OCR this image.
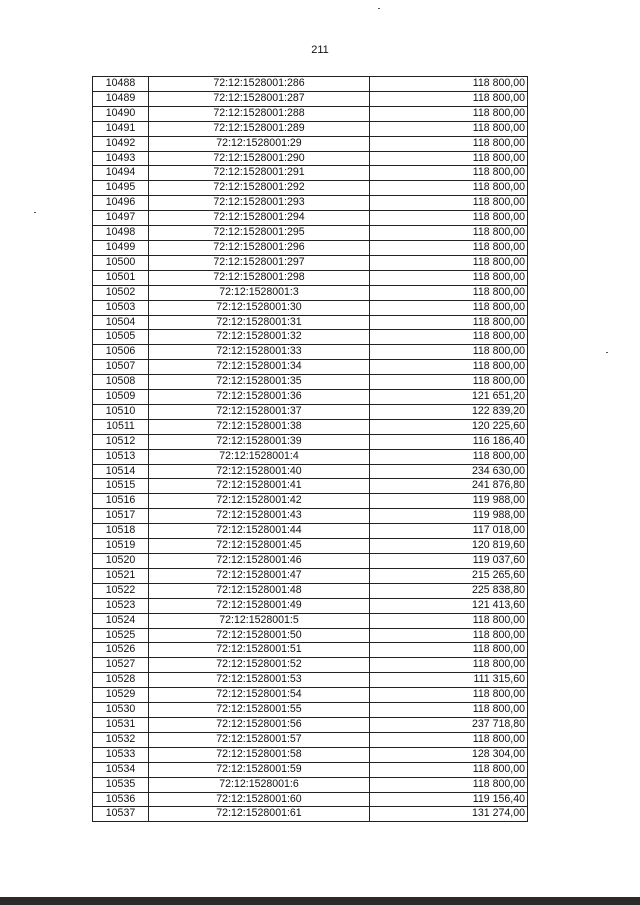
211
10488	72:12:1528001:286	118 800,00
10489	72:12:1528001:287	118 800,00
10490	72:12:1528001:288	118 800,00
10491	72:12:1528001:289	118 800,00
10492	72:12:1528001:29	118 800,00
10493	72:12:1528001:290	118 800,00
10494	72:12:1528001:291	118 800,00
10495	72:12:1528001:292	118 800,00
10496	72:12:1528001:293	118 800,00
10497	72:12:1528001:294	118 800,00
10498	72:12:1528001:295	118 800,00
10499	72:12:1528001:296	118 800,00
10500	72:12:1528001:297	118 800,00
10501	72:12:1528001:298	118 800,00
10502	72:12:1528001:3	118 800,00
10503	72:12:1528001:30	118 800,00
10504	72:12:1528001:31	118 800,00
10505	72:12:1528001:32	118 800,00
10506	72:12:1528001:33	118 800,00
10507	72:12:1528001:34	118 800,00
10508	72:12:1528001:35	118 800,00
10509	72:12:1528001:36	121 651,20
10510	72:12:1528001:37	122 839,20
10511	72:12:1528001:38	120 225,60
10512	72:12:1528001:39	116 186,40
10513	72:12:1528001:4	118 800,00
10514	72:12:1528001:40	234 630,00
10515	72:12:1528001:41	241 876,80
10516	72:12:1528001:42	119 988,00
10517	72:12:1528001:43	119 988,00
10518	72:12:1528001:44	117 018,00
10519	72:12:1528001:45	120 819,60
10520	72:12:1528001:46	119 037,60
10521	72:12:1528001:47	215 265,60
10522	72:12:1528001:48	225 838,80
10523	72:12:1528001:49	121 413,60
10524	72:12:1528001:5	118 800,00
10525	72:12:1528001:50	118 800,00
10526	72:12:1528001:51	118 800,00
10527	72:12:1528001:52	118 800,00
10528	72:12:1528001:53	111 315,60
10529	72:12:1528001:54	118 800,00
10530	72:12:1528001:55	118 800,00
10531	72:12:1528001:56	237 718,80
10532	72:12:1528001:57	118 800,00
10533	72:12:1528001:58	128 304,00
10534	72:12:1528001:59	118 800,00
10535	72:12:1528001:6	118 800,00
10536	72:12:1528001:60	119 156,40
10537	72:12:1528001:61	131 274,00
